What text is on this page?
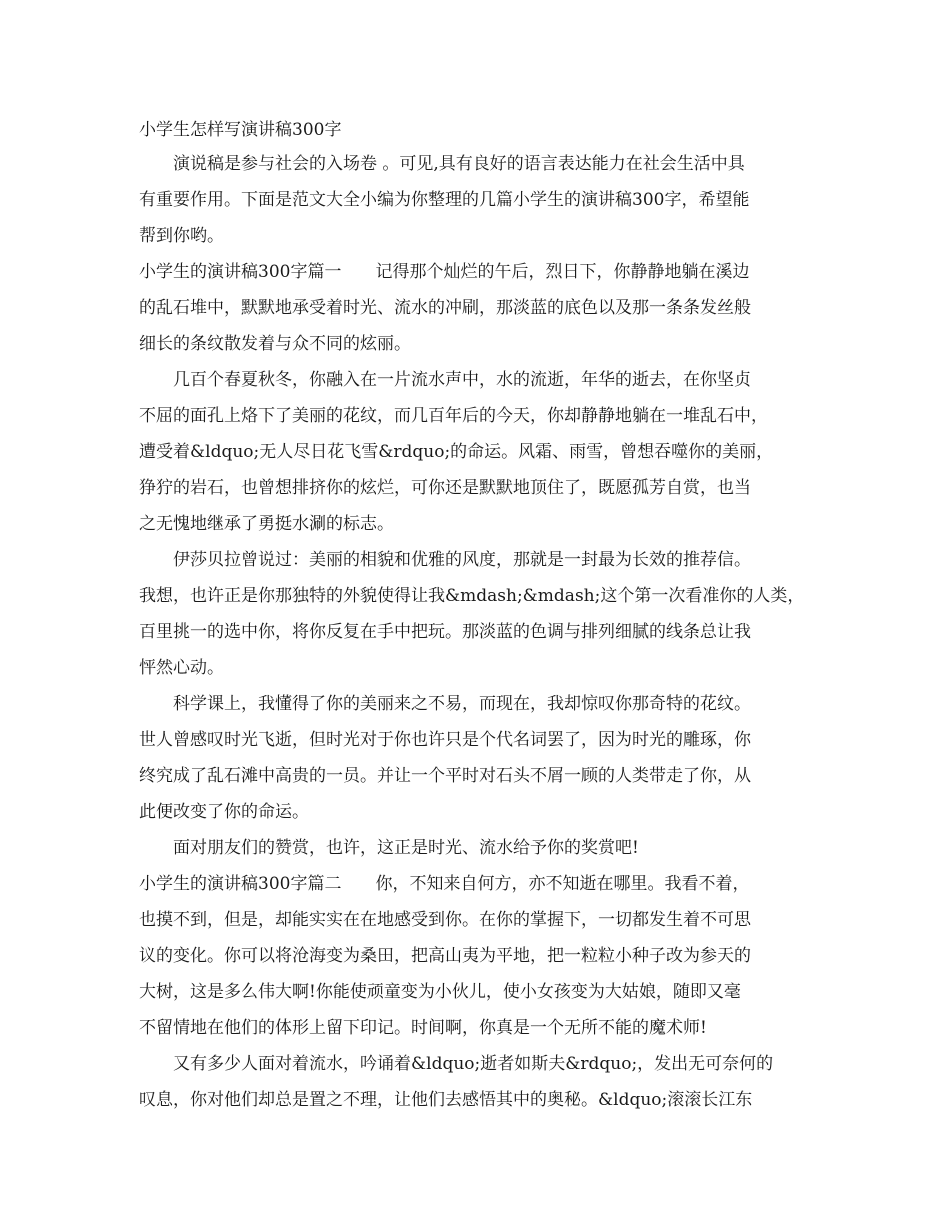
小学生怎样写演讲稿300字
　　演说稿是参与社会的入场卷 。可见,具有良好的语言表达能力在社会生活中具
有重要作用。下面是范文大全小编为你整理的几篇小学生的演讲稿300字，希望能
帮到你哟。
小学生的演讲稿300字篇一　　记得那个灿烂的午后，烈日下，你静静地躺在溪边
的乱石堆中，默默地承受着时光、流水的冲刷，那淡蓝的底色以及那一条条发丝般
细长的条纹散发着与众不同的炫丽。
　　几百个春夏秋冬，你融入在一片流水声中，水的流逝，年华的逝去，在你坚贞
不屈的面孔上烙下了美丽的花纹，而几百年后的今天，你却静静地躺在一堆乱石中，
遭受着&ldquo;无人尽日花飞雪&rdquo;的命运。风霜、雨雪，曾想吞噬你的美丽，
狰狞的岩石，也曾想排挤你的炫烂，可你还是默默地顶住了，既愿孤芳自赏，也当
之无愧地继承了勇挺水涮的标志。
　　伊莎贝拉曾说过：美丽的相貌和优雅的风度，那就是一封最为长效的推荐信。
我想，也许正是你那独特的外貌使得让我&mdash;&mdash;这个第一次看准你的人类，
百里挑一的选中你，将你反复在手中把玩。那淡蓝的色调与排列细腻的线条总让我
怦然心动。
　　科学课上，我懂得了你的美丽来之不易，而现在，我却惊叹你那奇特的花纹。
世人曾感叹时光飞逝，但时光对于你也许只是个代名词罢了，因为时光的雕琢，你
终究成了乱石滩中高贵的一员。并让一个平时对石头不屑一顾的人类带走了你，从
此便改变了你的命运。
　　面对朋友们的赞赏，也许，这正是时光、流水给予你的奖赏吧!
小学生的演讲稿300字篇二　　你，不知来自何方，亦不知逝在哪里。我看不着，
也摸不到，但是，却能实实在在地感受到你。在你的掌握下，一切都发生着不可思
议的变化。你可以将沧海变为桑田，把高山夷为平地，把一粒粒小种子改为参天的
大树，这是多么伟大啊!你能使顽童变为小伙儿，使小女孩变为大姑娘，随即又毫
不留情地在他们的体形上留下印记。时间啊，你真是一个无所不能的魔术师!
　　又有多少人面对着流水，吟诵着&ldquo;逝者如斯夫&rdquo;，发出无可奈何的
叹息，你对他们却总是置之不理，让他们去感悟其中的奥秘。&ldquo;滚滚长江东
